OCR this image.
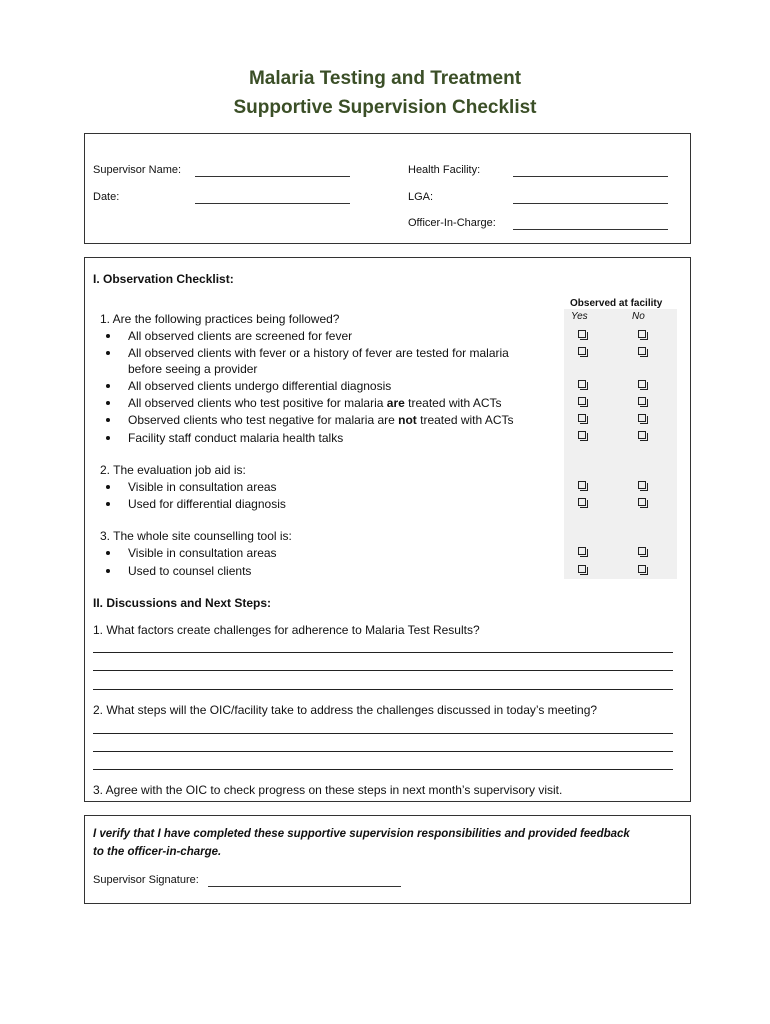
Malaria Testing and Treatment
Supportive Supervision Checklist
Supervisor Name:
Date:
Health Facility:
LGA:
Officer-In-Charge:
I. Observation Checklist:
Observed at facility
Yes	No
1. Are the following practices being followed?
All observed clients are screened for fever
All observed clients with fever or a history of fever are tested for malaria
before seeing a provider
All observed clients undergo differential diagnosis
All observed clients who test positive for malaria are treated with ACTs
Observed clients who test negative for malaria are not treated with ACTs
Facility staff conduct malaria health talks
2. The evaluation job aid is:
Visible in consultation areas
Used for differential diagnosis
3. The whole site counselling tool is:
Visible in consultation areas
Used to counsel clients
II. Discussions and Next Steps:
1. What factors create challenges for adherence to Malaria Test Results?
2. What steps will the OIC/facility take to address the challenges discussed in today’s meeting?
3. Agree with the OIC to check progress on these steps in next month’s supervisory visit.
I verify that I have completed these supportive supervision responsibilities and provided feedback
to the officer-in-charge.
Supervisor Signature:
